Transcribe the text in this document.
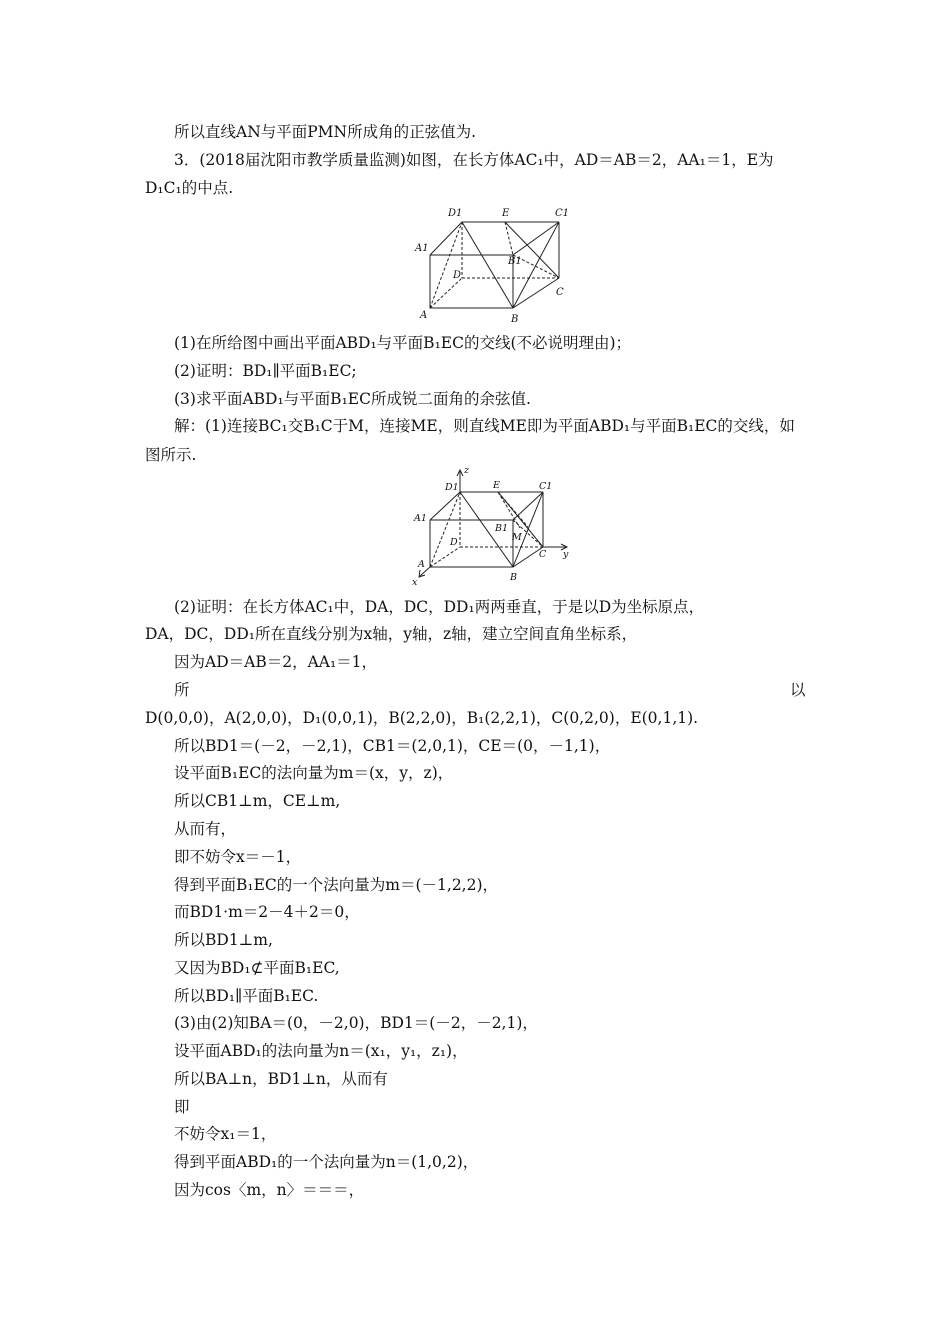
所以直线AN与平面PMN所成角的正弦值为.
3．(2018届沈阳市教学质量监测)如图，在长方体AC₁中，AD＝AB＝2，AA₁＝1，E为
D₁C₁的中点.
D1	E	C1
A1
B1
D
C
A	B
(1)在所给图中画出平面ABD₁与平面B₁EC的交线(不必说明理由)；
(2)证明：BD₁∥平面B₁EC;
(3)求平面ABD₁与平面B₁EC所成锐二面角的余弦值.
解：(1)连接BC₁交B₁C于M，连接ME，则直线ME即为平面ABD₁与平面B₁EC的交线，如
图所示.
z
D1	E	C1
A1
B1
D	M
C y
A
x	B
(2)证明：在长方体AC₁中，DA，DC，DD₁两两垂直，于是以D为坐标原点，
DA，DC，DD₁所在直线分别为x轴，y轴，z轴，建立空间直角坐标系，
因为AD＝AB＝2，AA₁＝1，
所	以
D(0,0,0)，A(2,0,0)，D₁(0,0,1)，B(2,2,0)，B₁(2,2,1)，C(0,2,0)，E(0,1,1).
所以BD1＝(－2，－2,1)，CB1＝(2,0,1)，CE＝(0，－1,1)，
设平面B₁EC的法向量为m＝(x，y，z)，
所以CB1⊥m，CE⊥m,
从而有，
即不妨令x＝－1，
得到平面B₁EC的一个法向量为m＝(－1,2,2)，
而BD1·m＝2－4＋2＝0，
所以BD1⊥m,
又因为BD₁⊄平面B₁EC,
所以BD₁∥平面B₁EC.
(3)由(2)知BA＝(0，－2,0)，BD1＝(－2，－2,1)，
设平面ABD₁的法向量为n＝(x₁，y₁，z₁)，
所以BA⊥n，BD1⊥n，从而有
即
不妨令x₁＝1，
得到平面ABD₁的一个法向量为n＝(1,0,2)，
因为cos〈m，n〉＝＝＝，
